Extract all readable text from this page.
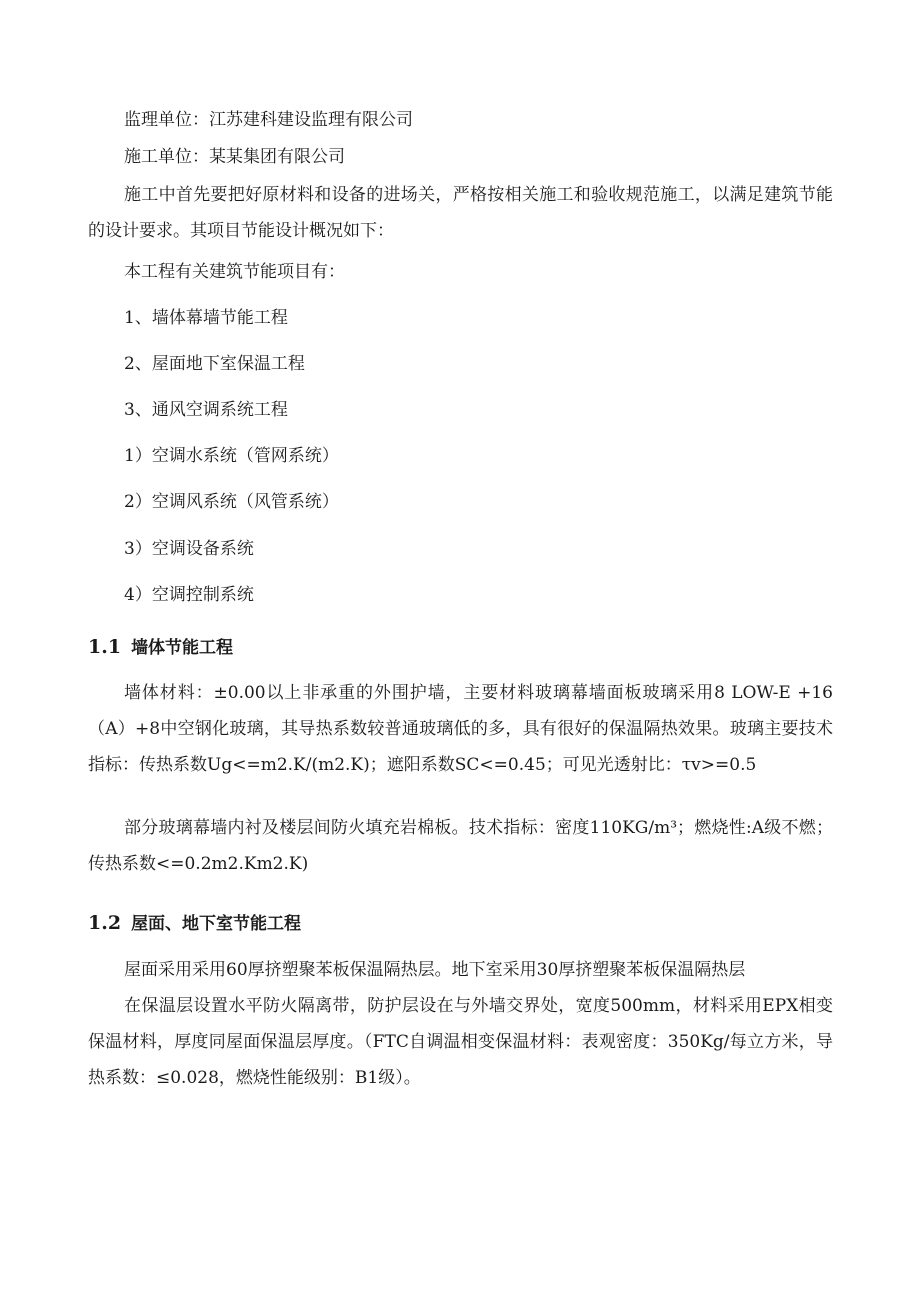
监理单位：江苏建科建设监理有限公司

施工单位：某某集团有限公司

施工中首先要把好原材料和设备的进场关，严格按相关施工和验收规范施工，以满足建筑节能的设计要求。其项目节能设计概况如下：

本工程有关建筑节能项目有：

1、墙体幕墙节能工程

2、屋面地下室保温工程

3、通风空调系统工程

1）空调水系统（管网系统）

2）空调风系统（风管系统）

3）空调设备系统

4）空调控制系统

1.1 墙体节能工程

墙体材料：±0.00以上非承重的外围护墙，主要材料玻璃幕墙面板玻璃采用8 LOW-E +16（A）+8中空钢化玻璃，其导热系数较普通玻璃低的多，具有很好的保温隔热效果。玻璃主要技术指标：传热系数Ug<=m2.K/(m2.K)；遮阳系数SC<=0.45；可见光透射比：τv>=0.5

部分玻璃幕墙内衬及楼层间防火填充岩棉板。技术指标：密度110KG/m³；燃烧性:A级不燃；传热系数<=0.2m2.Km2.K)

1.2 屋面、地下室节能工程

屋面采用采用60厚挤塑聚苯板保温隔热层。地下室采用30厚挤塑聚苯板保温隔热层

在保温层设置水平防火隔离带，防护层设在与外墙交界处，宽度500mm，材料采用EPX相变保温材料，厚度同屋面保温层厚度。（FTC自调温相变保温材料：表观密度：350Kg/每立方米，导热系数：≤0.028，燃烧性能级别：B1级）。
